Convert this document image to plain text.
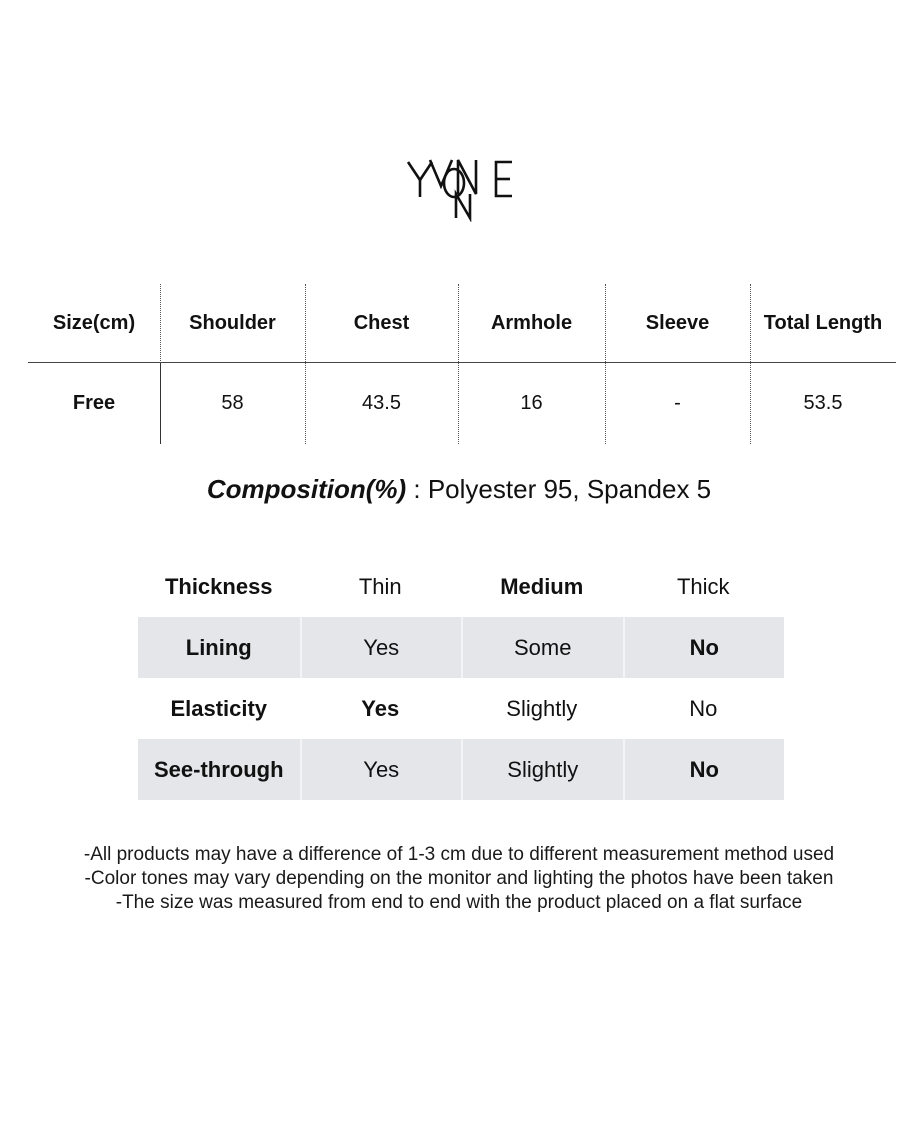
Size(cm)	Shoulder	Chest	Armhole	Sleeve	Total Length
Free	58	43.5	16	-	53.5
Composition(%) : Polyester 95, Spandex 5
Thickness	Thin	Medium	Thick
Lining	Yes	Some	No
Elasticity	Yes	Slightly	No
See-through	Yes	Slightly	No
-All products may have a difference of 1-3 cm due to different measurement method used
-Color tones may vary depending on the monitor and lighting the photos have been taken
-The size was measured from end to end with the product placed on a flat surface
